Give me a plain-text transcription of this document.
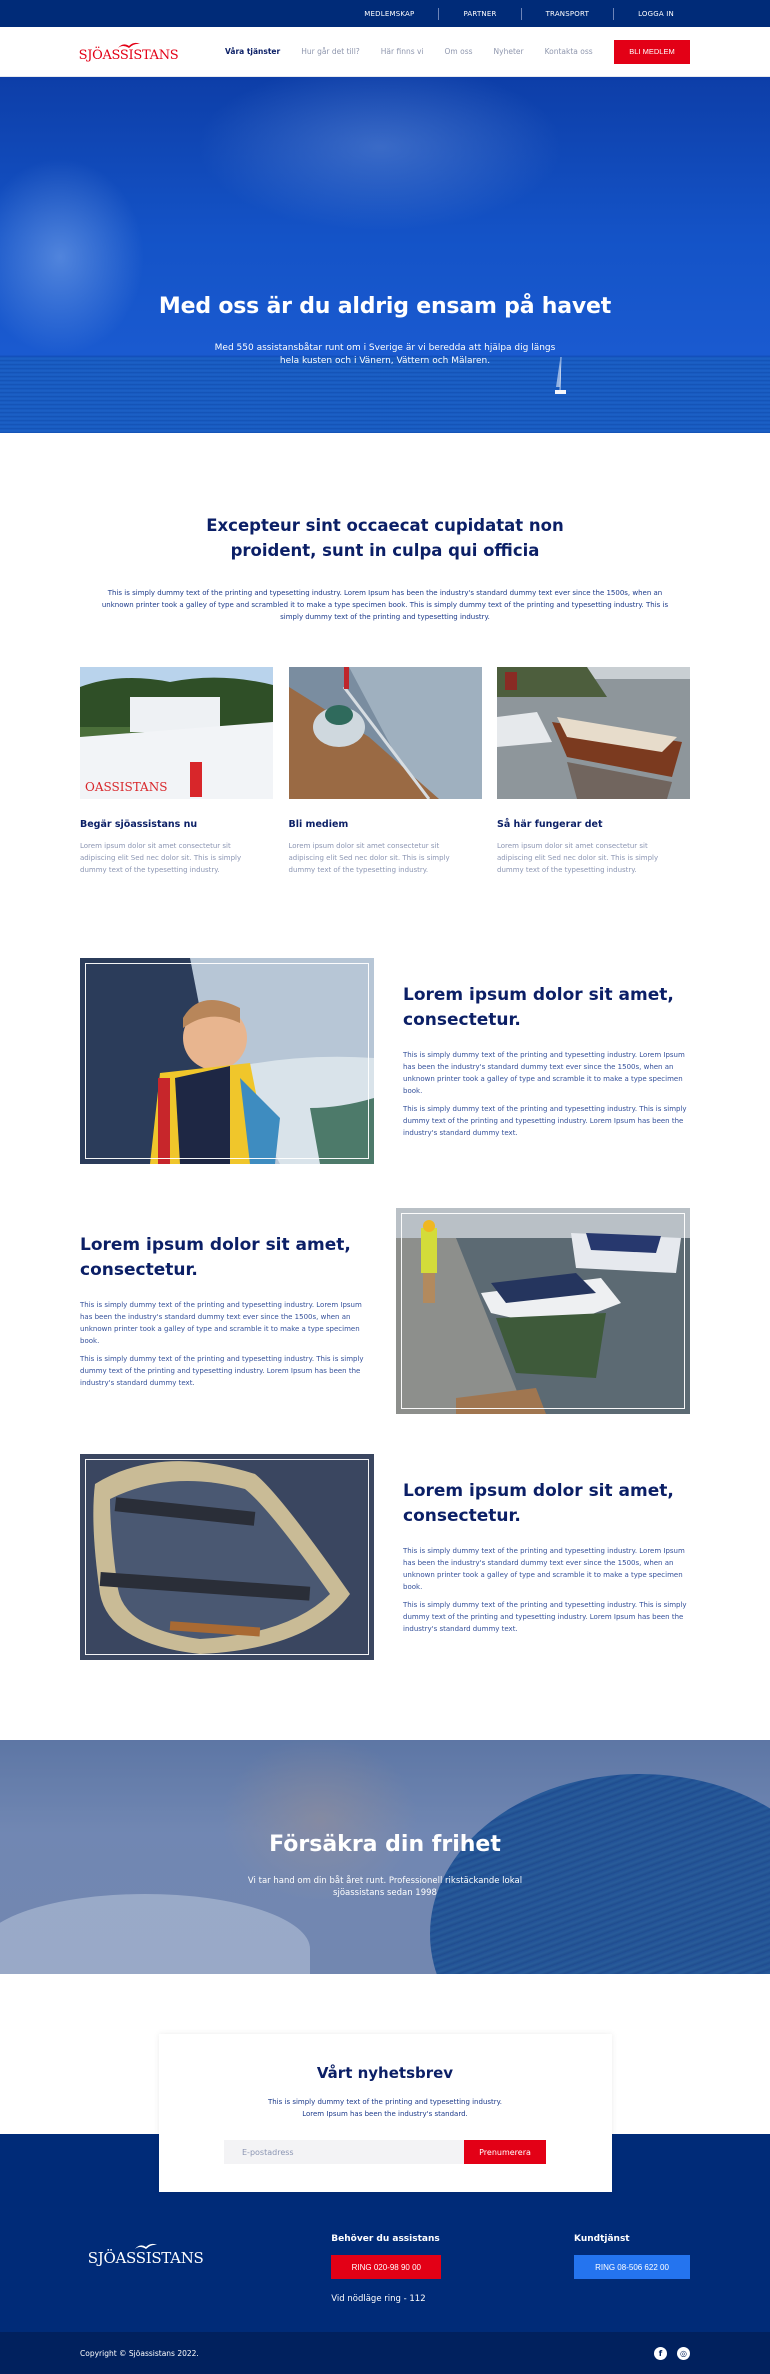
MEDLEMSKAP	PARTNER	TRANSPORT	LOGGA IN
SJÖASSISTANS	Våra tjänster	Hur går det till?	Här finns vi	Om oss	Nyheter	Kontakta oss	BLI MEDLEM
Med oss är du aldrig ensam på havet

Med 550 assistansbåtar runt om i Sverige är vi beredda att hjälpa dig längs
hela kusten och i Vänern, Vättern och Mälaren.

Excepteur sint occaecat cupidatat non
proident, sunt in culpa qui officia

This is simply dummy text of the printing and typesetting industry. Lorem Ipsum has been the industry's standard dummy text ever since the 1500s, when an unknown printer took a galley of type and scrambled it to make a type specimen book. This is simply dummy text of the printing and typesetting industry. This is simply dummy text of the printing and typesetting industry.

OASSISTANS
Begär sjöassistans nu

Lorem ipsum dolor sit amet consectetur sit adipiscing elit Sed nec dolor sit. This is simply dummy text of the typesetting industry.

Bli mediem

Lorem ipsum dolor sit amet consectetur sit adipiscing elit Sed nec dolor sit. This is simply dummy text of the typesetting industry.

Så här fungerar det

Lorem ipsum dolor sit amet consectetur sit adipiscing elit Sed nec dolor sit. This is simply dummy text of the typesetting industry.

Lorem ipsum dolor sit amet, consectetur.

This is simply dummy text of the printing and typesetting industry. Lorem Ipsum has been the industry's standard dummy text ever since the 1500s, when an unknown printer took a galley of type and scramble it to make a type specimen book.

This is simply dummy text of the printing and typesetting industry. This is simply dummy text of the printing and typesetting industry. Lorem Ipsum has been the industry's standard dummy text.

Lorem ipsum dolor sit amet, consectetur.

This is simply dummy text of the printing and typesetting industry. Lorem Ipsum has been the industry's standard dummy text ever since the 1500s, when an unknown printer took a galley of type and scramble it to make a type specimen book.

This is simply dummy text of the printing and typesetting industry. This is simply dummy text of the printing and typesetting industry. Lorem Ipsum has been the industry's standard dummy text.

Lorem ipsum dolor sit amet, consectetur.

This is simply dummy text of the printing and typesetting industry. Lorem Ipsum has been the industry's standard dummy text ever since the 1500s, when an unknown printer took a galley of type and scramble it to make a type specimen book.

This is simply dummy text of the printing and typesetting industry. This is simply dummy text of the printing and typesetting industry. Lorem Ipsum has been the industry's standard dummy text.

Försäkra din frihet

Vi tar hand om din båt året runt. Professionell rikstäckande lokal
sjöassistans sedan 1998

Vårt nyhetsbrev

This is simply dummy text of the printing and typesetting industry.
Lorem Ipsum has been the industry's standard.

E-postadress
Prenumerera
SJÖASSISTANS
Behöver du assistans
RING 020-98 90 00
Vid nödläge ring - 112
Kundtjänst
RING 08-506 622 00
Copyright © Sjöassistans 2022.	f	◎
